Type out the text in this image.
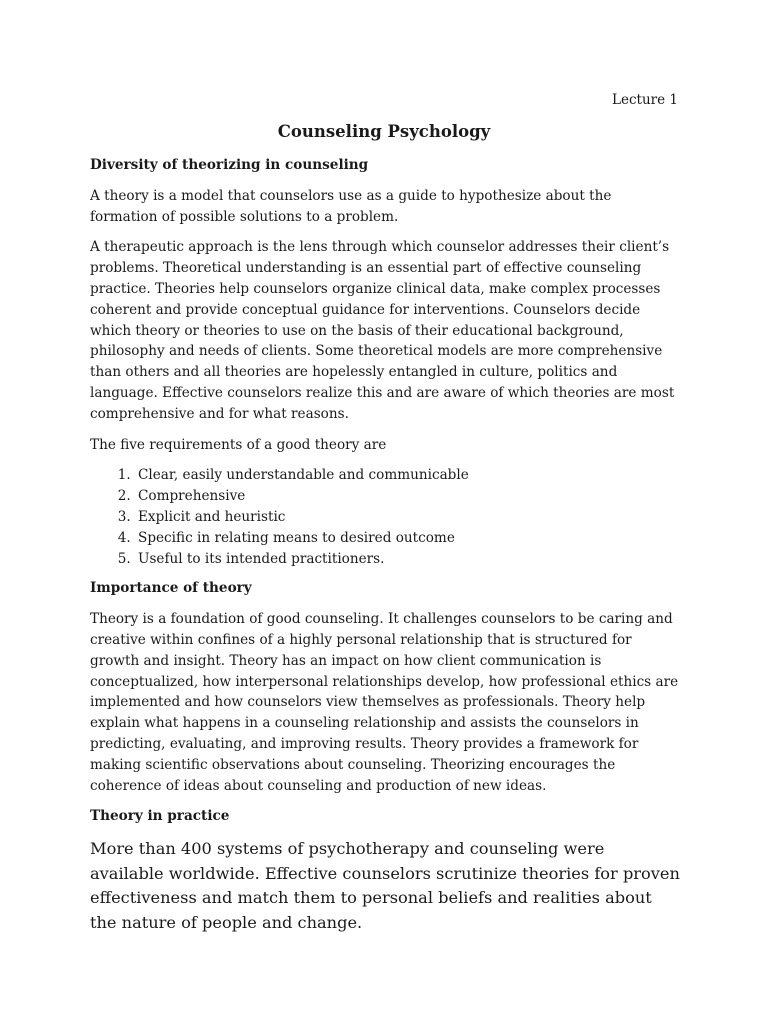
Lecture 1
Counseling Psychology
Diversity of theorizing in counseling

A theory is a model that counselors use as a guide to hypothesize about the formation of possible solutions to a problem.

A therapeutic approach is the lens through which counselor addresses their client’s problems. Theoretical understanding is an essential part of effective counseling practice. Theories help counselors organize clinical data, make complex processes coherent and provide conceptual guidance for interventions. Counselors decide which theory or theories to use on the basis of their educational background, philosophy and needs of clients. Some theoretical models are more comprehensive than others and all theories are hopelessly entangled in culture, politics and language. Effective counselors realize this and are aware of which theories are most comprehensive and for what reasons.

The five requirements of a good theory are

1. Clear, easily understandable and communicable
2. Comprehensive
3. Explicit and heuristic
4. Specific in relating means to desired outcome
5. Useful to its intended practitioners.
Importance of theory

Theory is a foundation of good counseling. It challenges counselors to be caring and creative within confines of a highly personal relationship that is structured for growth and insight. Theory has an impact on how client communication is conceptualized, how interpersonal relationships develop, how professional ethics are implemented and how counselors view themselves as professionals. Theory help explain what happens in a counseling relationship and assists the counselors in predicting, evaluating, and improving results. Theory provides a framework for making scientific observations about counseling. Theorizing encourages the coherence of ideas about counseling and production of new ideas.

Theory in practice

More than 400 systems of psychotherapy and counseling were available worldwide. Effective counselors scrutinize theories for proven effectiveness and match them to personal beliefs and realities about the nature of people and change.
